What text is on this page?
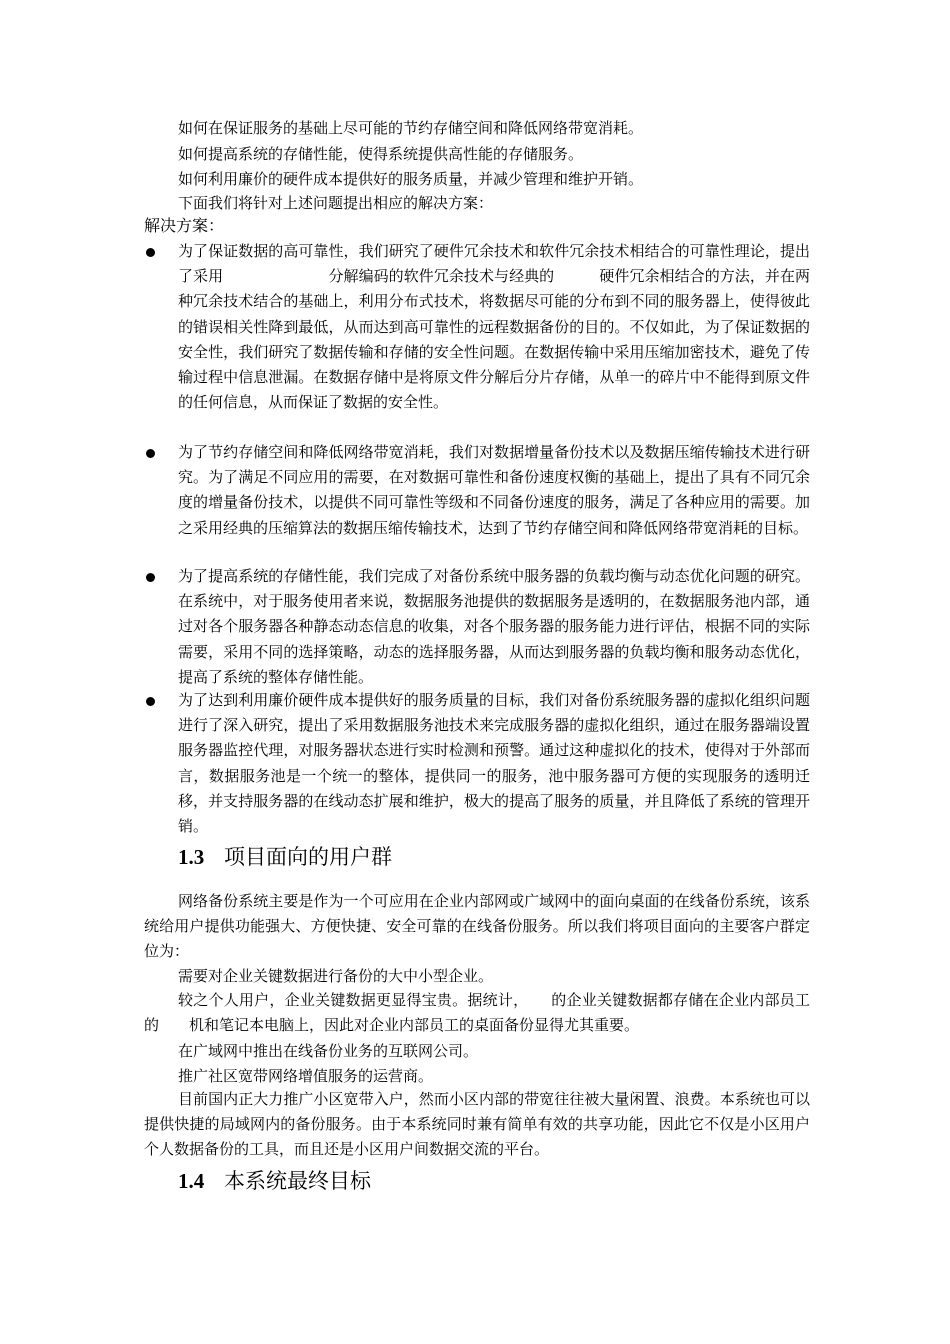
如何在保证服务的基础上尽可能的节约存储空间和降低网络带宽消耗。
如何提高系统的存储性能，使得系统提供高性能的存储服务。
如何利用廉价的硬件成本提供好的服务质量，并减少管理和维护开销。
下面我们将针对上述问题提出相应的解决方案：
解决方案：
为了保证数据的高可靠性，我们研究了硬件冗余技术和软件冗余技术相结合的可靠性理论，提出了采用　　　　　　　分解编码的软件冗余技术与经典的　　　硬件冗余相结合的方法，并在两种冗余技术结合的基础上，利用分布式技术，将数据尽可能的分布到不同的服务器上，使得彼此的错误相关性降到最低，从而达到高可靠性的远程数据备份的目的。不仅如此，为了保证数据的安全性，我们研究了数据传输和存储的安全性问题。在数据传输中采用压缩加密技术，避免了传输过程中信息泄漏。在数据存储中是将原文件分解后分片存储，从单一的碎片中不能得到原文件的任何信息，从而保证了数据的安全性。
为了节约存储空间和降低网络带宽消耗，我们对数据增量备份技术以及数据压缩传输技术进行研究。为了满足不同应用的需要，在对数据可靠性和备份速度权衡的基础上，提出了具有不同冗余度的增量备份技术，以提供不同可靠性等级和不同备份速度的服务，满足了各种应用的需要。加之采用经典的压缩算法的数据压缩传输技术，达到了节约存储空间和降低网络带宽消耗的目标。
为了提高系统的存储性能，我们完成了对备份系统中服务器的负载均衡与动态优化问题的研究。在系统中，对于服务使用者来说，数据服务池提供的数据服务是透明的，在数据服务池内部，通过对各个服务器各种静态动态信息的收集，对各个服务器的服务能力进行评估，根据不同的实际需要，采用不同的选择策略，动态的选择服务器，从而达到服务器的负载均衡和服务动态优化，提高了系统的整体存储性能。
为了达到利用廉价硬件成本提供好的服务质量的目标，我们对备份系统服务器的虚拟化组织问题进行了深入研究，提出了采用数据服务池技术来完成服务器的虚拟化组织，通过在服务器端设置服务器监控代理，对服务器状态进行实时检测和预警。通过这种虚拟化的技术，使得对于外部而言，数据服务池是一个统一的整体，提供同一的服务，池中服务器可方便的实现服务的透明迁移，并支持服务器的在线动态扩展和维护，极大的提高了服务的质量，并且降低了系统的管理开销。
1.3 项目面向的用户群
网络备份系统主要是作为一个可应用在企业内部网或广域网中的面向桌面的在线备份系统，该系统给用户提供功能强大、方便快捷、安全可靠的在线备份服务。所以我们将项目面向的主要客户群定位为：
需要对企业关键数据进行备份的大中小型企业。
较之个人用户，企业关键数据更显得宝贵。据统计，　　的企业关键数据都存储在企业内部员工的　　机和笔记本电脑上，因此对企业内部员工的桌面备份显得尤其重要。
在广域网中推出在线备份业务的互联网公司。
推广社区宽带网络增值服务的运营商。
目前国内正大力推广小区宽带入户，然而小区内部的带宽往往被大量闲置、浪费。本系统也可以提供快捷的局域网内的备份服务。由于本系统同时兼有简单有效的共享功能，因此它不仅是小区用户个人数据备份的工具，而且还是小区用户间数据交流的平台。
1.4 本系统最终目标
